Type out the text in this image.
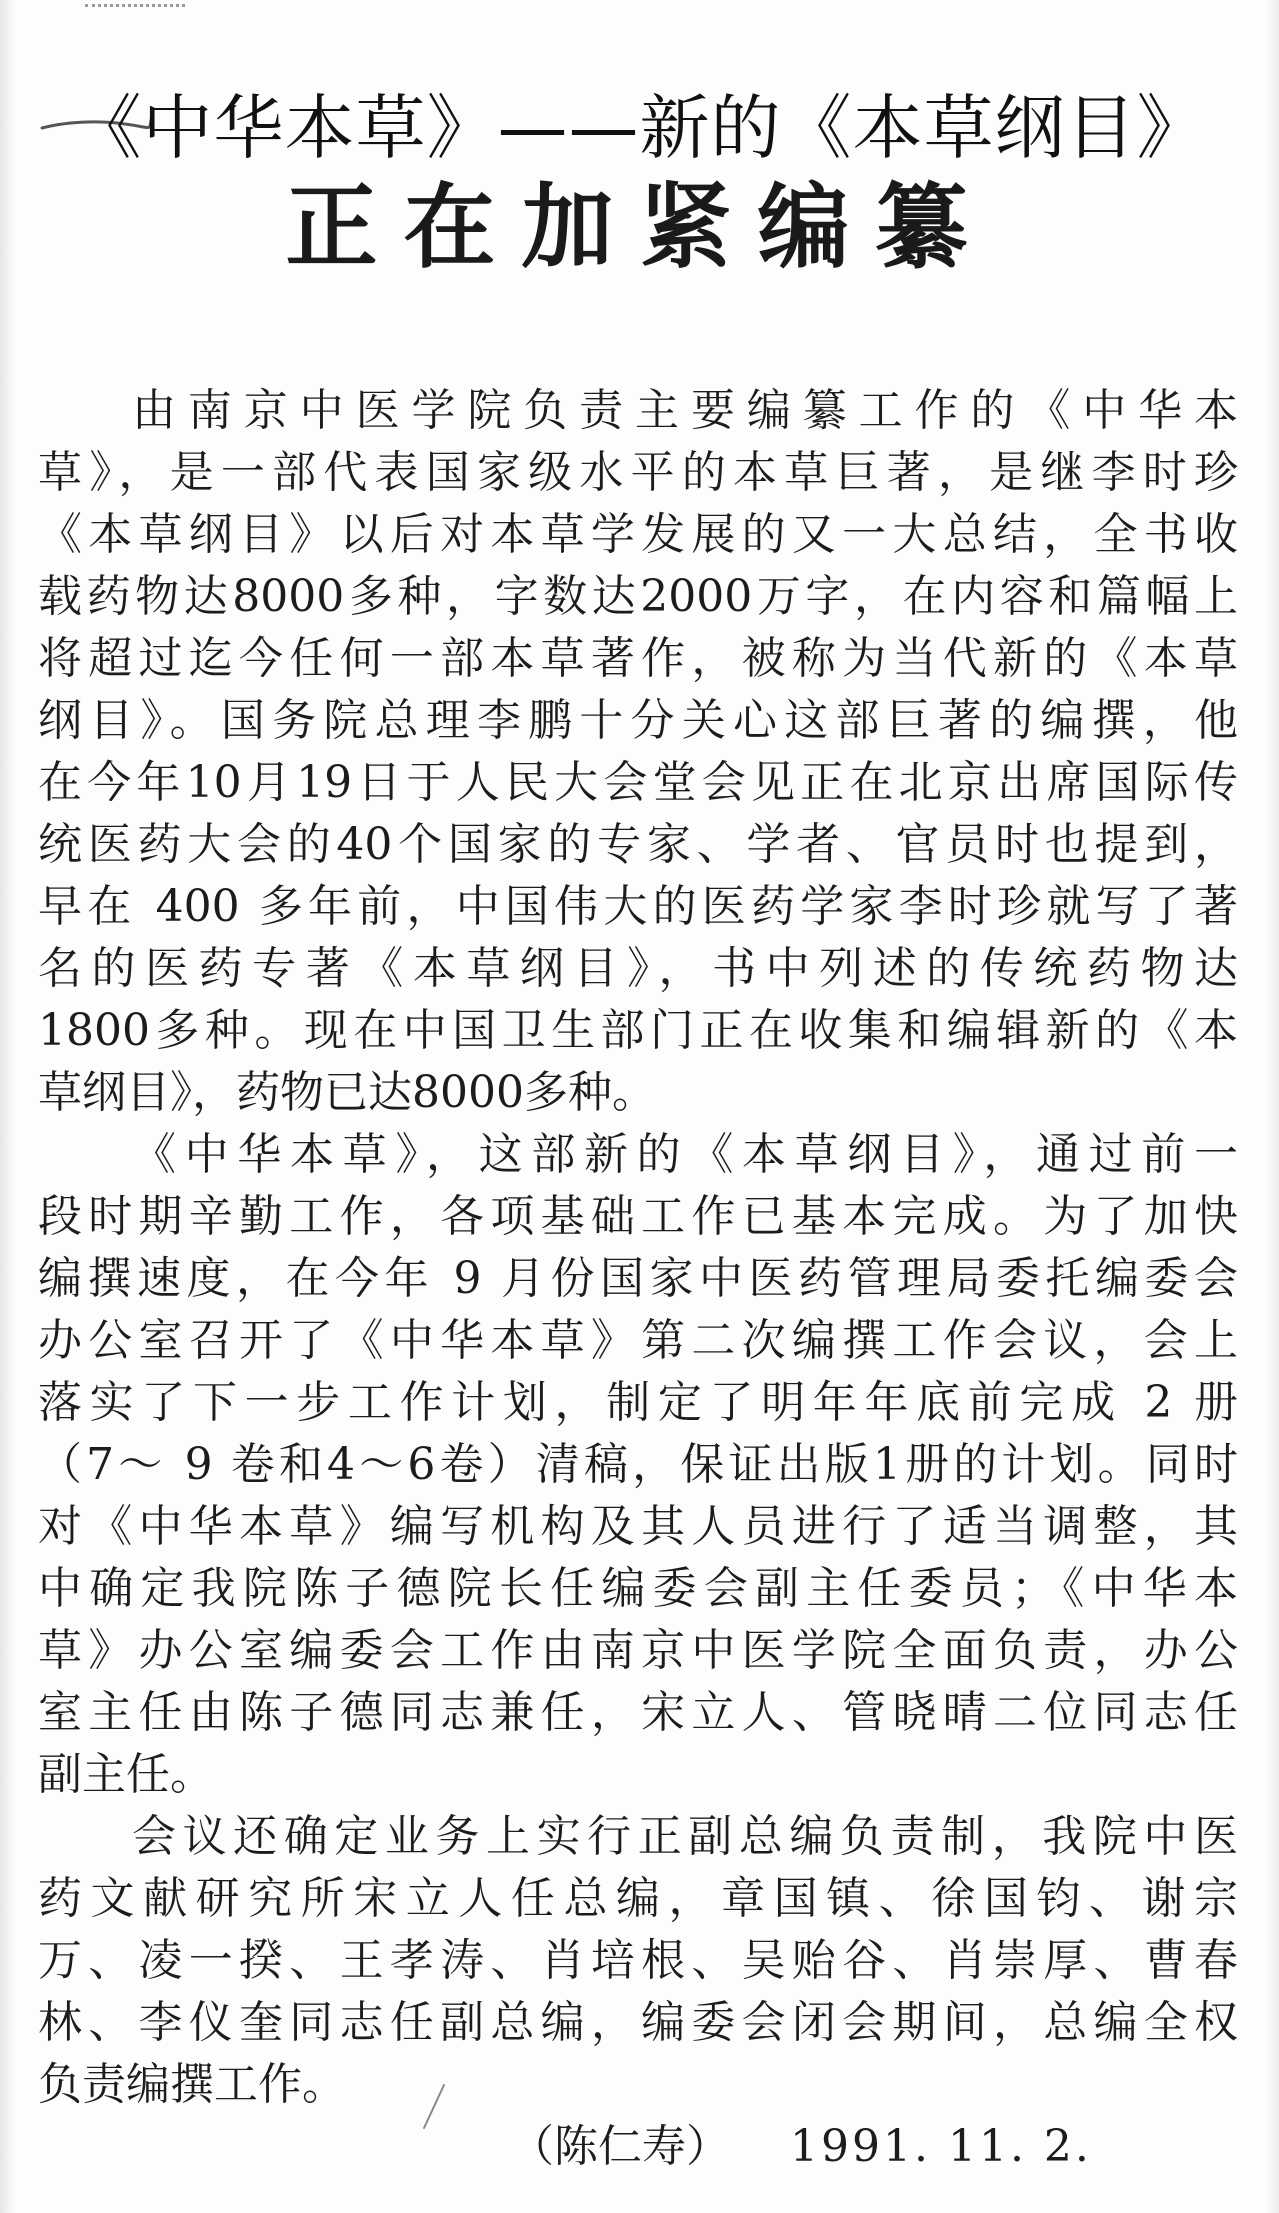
《中华本草》——新的《本草纲目》
正在加紧编纂
由南京中医学院负责主要编纂工作的《中华本
草》，是一部代表国家级水平的本草巨著，是继李时珍
《本草纲目》以后对本草学发展的又一大总结，全书收
载药物达8000多种，字数达2000万字，在内容和篇幅上
将超过迄今任何一部本草著作，被称为当代新的《本草
纲目》。国务院总理李鹏十分关心这部巨著的编撰，他
在今年10月19日于人民大会堂会见正在北京出席国际传
统医药大会的40个国家的专家、学者、官员时也提到，
早在 400 多年前，中国伟大的医药学家李时珍就写了著
名的医药专著《本草纲目》，书中列述的传统药物达
1800多种。现在中国卫生部门正在收集和编辑新的《本
草纲目》，药物已达8000多种。
《中华本草》，这部新的《本草纲目》，通过前一
段时期辛勤工作，各项基础工作已基本完成。为了加快
编撰速度，在今年 9 月份国家中医药管理局委托编委会
办公室召开了《中华本草》第二次编撰工作会议，会上
落实了下一步工作计划，制定了明年年底前完成 2 册
（7～ 9 卷和4～6卷）清稿，保证出版1册的计划。同时
对《中华本草》编写机构及其人员进行了适当调整，其
中确定我院陈子德院长任编委会副主任委员；《中华本
草》办公室编委会工作由南京中医学院全面负责，办公
室主任由陈子德同志兼任，宋立人、管晓晴二位同志任
副主任。
会议还确定业务上实行正副总编负责制，我院中医
药文献研究所宋立人任总编，章国镇、徐国钧、谢宗
万、凌一揆、王孝涛、肖培根、吴贻谷、肖崇厚、曹春
林、李仪奎同志任副总编，编委会闭会期间，总编全权
负责编撰工作。
（陈仁寿） 1991. 11. 2.
